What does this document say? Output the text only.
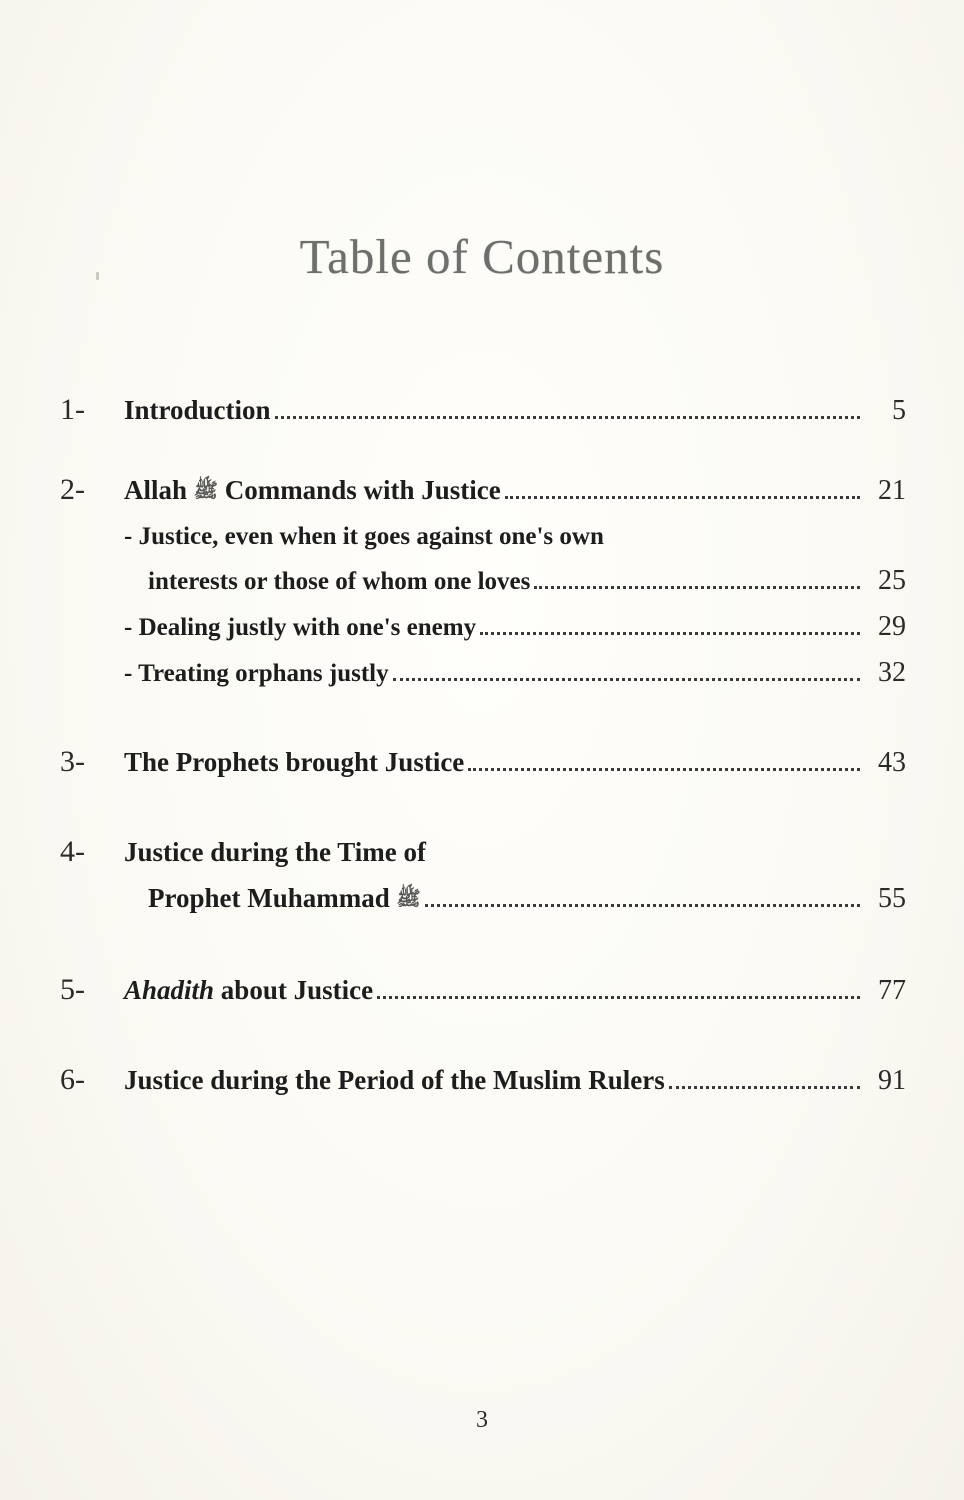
Table of Contents
1-	Introduction	5
2-	Allah ﷺ Commands with Justice	21
- Justice, even when it goes against one's own
interests or those of whom one loves	25
- Dealing justly with one's enemy	29
- Treating orphans justly	32
3-	The Prophets brought Justice	43
4-	Justice during the Time of
Prophet Muhammad ﷺ	55
5-	Ahadith about Justice	77
6-	Justice during the Period of the Muslim Rulers	91
3
